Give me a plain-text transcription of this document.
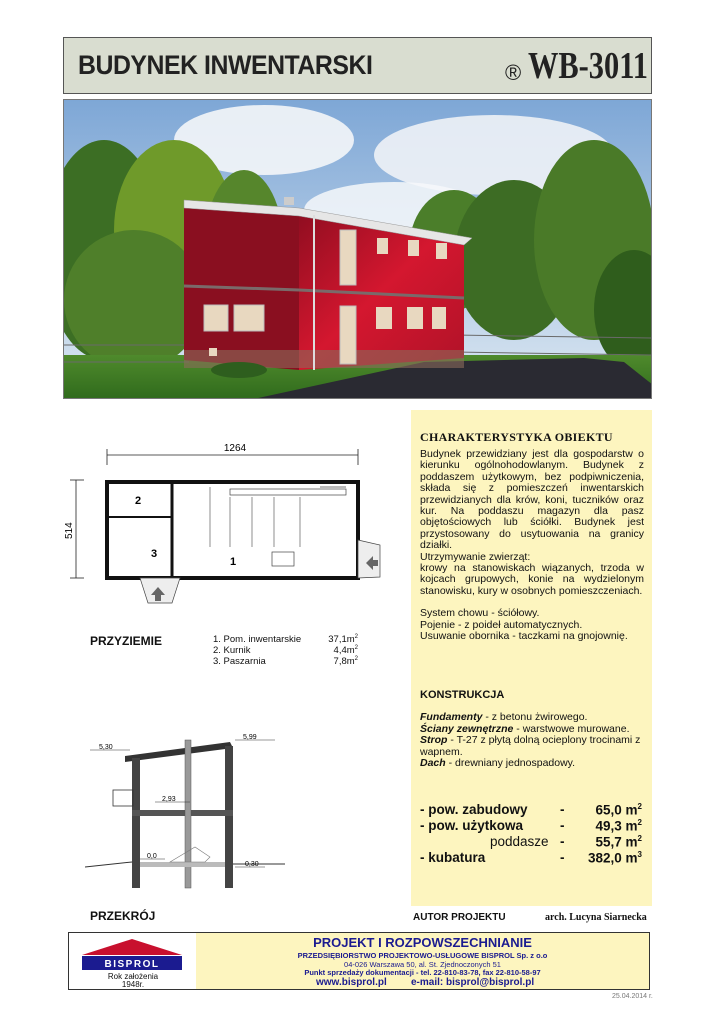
BUDYNEK INWENTARSKI	® WB-3011
CHARAKTERYSTYKA OBIEKTU

Budynek przewidziany jest dla gospodarstw o kierunku ogólnohodowlanym. Budynek z poddaszem użytkowym, bez podpiwniczenia, składa się z pomieszczeń inwentarskich przewidzianych dla krów, koni, tuczników oraz kur. Na poddaszu magazyn dla pasz objętościowych lub ściółki. Budynek jest przystosowany do usytuowania na granicy działki.

Utrzymywanie zwierząt:

krowy na stanowiskach wiązanych, trzoda w kojcach grupowych, konie na wydzielonym stanowisku, kury w osobnych pomieszczeniach.

System chowu - ściółowy.

Pojenie - z poideł automatycznych.

Usuwanie obornika - taczkami na gnojownię.

KONSTRUKCJA

Fundamenty - z betonu żwirowego.

Ściany zewnętrzne - warstwowe murowane.

Strop - T-27 z płytą dolną ocieplony trocinami z wapnem.

Dach - drewniany jednospadowy.

- pow. zabudowy - 65,0 $m^2$
- pow. użytkowa	- 49,3 $m^2$
poddasze - 55,7 $m^2$
- kubatura	- 382,0 $m^3$
1264
514
2
3
1
PRZYZIEMIE	1. Pom. inwentarskie	$37,1m^2$
2. Kurnik	$4,4m^2$
3. Paszarnia	$7,8m^2$
5,30
5,99
2,93
0,0
0,30
PRZEKRÓJ	AUTOR PROJEKTU	arch. Lucyna Siarnecka
BISPROL
Rok założenia
1948r.
PROJEKT I ROZPOWSZECHNIANIE
PRZEDSIĘBIORSTWO PROJEKTOWO-USŁUGOWE BISPROL Sp. z o.o
04-026 Warszawa 50, al. St. Zjednoczonych 51
Punkt sprzedaży dokumentacji - tel. 22-810-83-78, fax 22-810-58-97
www.bisprol.pl e-mail: bisprol@bisprol.pl
25.04.2014 r.
